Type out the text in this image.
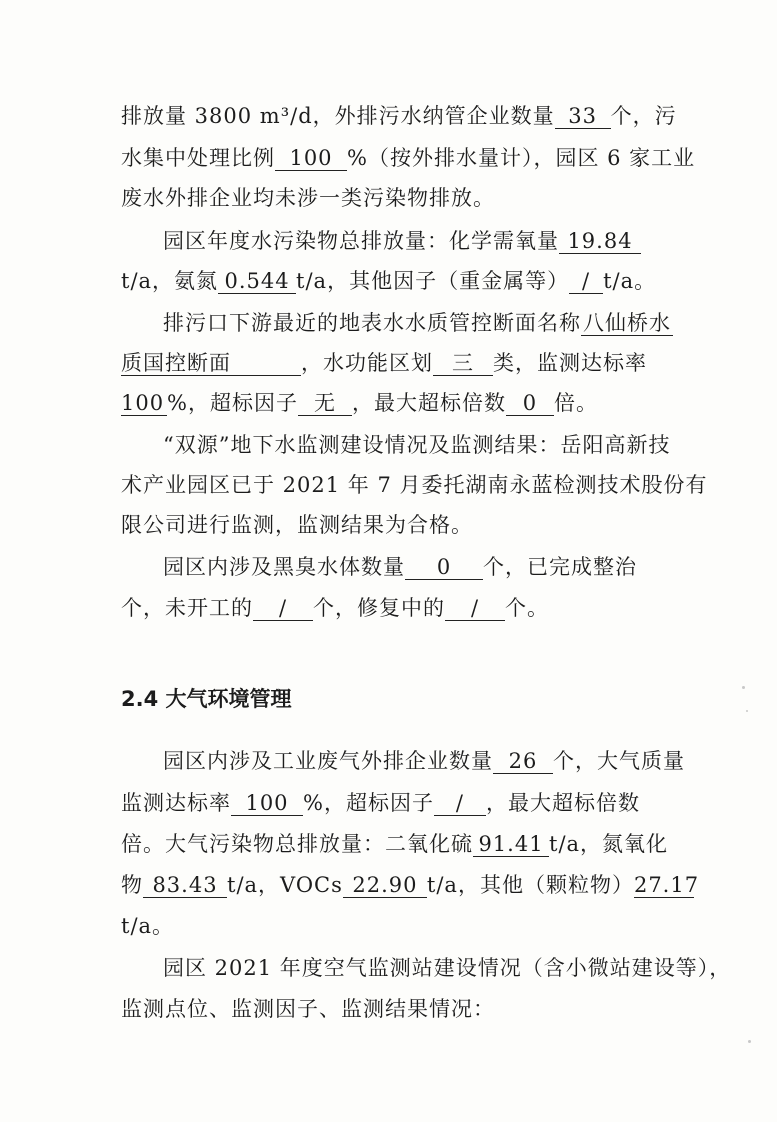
排放量 3800 m³/d，外排污水纳管企业数量 33 个，污
水集中处理比例 100 %（按外排水量计），园区 6 家工业
废水外排企业均未涉一类污染物排放。
园区年度水污染物总排放量：化学需氧量 19.84
t/a，氨氮 0.544 t/a，其他因子（重金属等） / t/a。
排污口下游最近的地表水水质管控断面名称八仙桥水
质国控断面	，水功能区划 三 类，监测达标率
100 %，超标因子 无 ，最大超标倍数 0 倍。
“双源”地下水监测建设情况及监测结果：岳阳高新技
术产业园区已于 2021 年 7 月委托湖南永蓝检测技术股份有
限公司进行监测，监测结果为合格。
园区内涉及黑臭水体数量 0 个，已完成整治
个，未开工的 / 个，修复中的 / 个。
2.4 大气环境管理
园区内涉及工业废气外排企业数量 26 个，大气质量
监测达标率 100 %，超标因子 / ，最大超标倍数
倍。大气污染物总排放量：二氧化硫 91.41 t/a，氮氧化
物 83.43 t/a，VOCs 22.90 t/a，其他（颗粒物）27.17
t/a。
园区 2021 年度空气监测站建设情况（含小微站建设等），
监测点位、监测因子、监测结果情况：
